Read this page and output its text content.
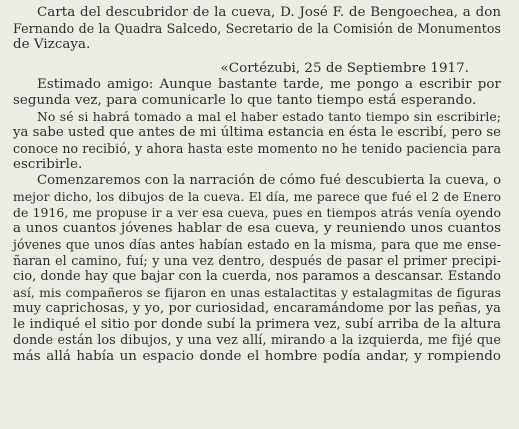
Carta del descubridor de la cueva, D. José F. de Bengoechea, a don
Fernando de la Quadra Salcedo, Secretario de la Comisión de Monumentos
de Vizcaya.
«Cortézubi, 25 de Septiembre 1917.
Estimado amigo: Aunque bastante tarde, me pongo a escribir por
segunda vez, para comunicarle lo que tanto tiempo está esperando.
No sé si habrá tomado a mal el haber estado tanto tiempo sin escribirle;
ya sabe usted que antes de mi última estancia en ésta le escribí, pero se
conoce no recibió, y ahora hasta este momento no he tenido paciencia para
escribirle.
Comenzaremos con la narración de cómo fué descubierta la cueva, o
mejor dicho, los dibujos de la cueva. El día, me parece que fué el 2 de Enero
de 1916, me propuse ir a ver esa cueva, pues en tiempos atrás venía oyendo
a unos cuantos jóvenes hablar de esa cueva, y reuniendo unos cuantos
jóvenes que unos días antes habían estado en la misma, para que me ense-
ñaran el camino, fuí; y una vez dentro, después de pasar el primer precipi-
cio, donde hay que bajar con la cuerda, nos paramos a descansar. Estando
así, mis compañeros se fijaron en unas estalactitas y estalagmitas de figuras
muy caprichosas, y yo, por curiosidad, encaramándome por las peñas, ya
le indiqué el sitio por donde subí la primera vez, subí arriba de la altura
donde están los dibujos, y una vez allí, mirando a la izquierda, me fijé que
más allá había un espacio donde el hombre podía andar, y rompiendo
